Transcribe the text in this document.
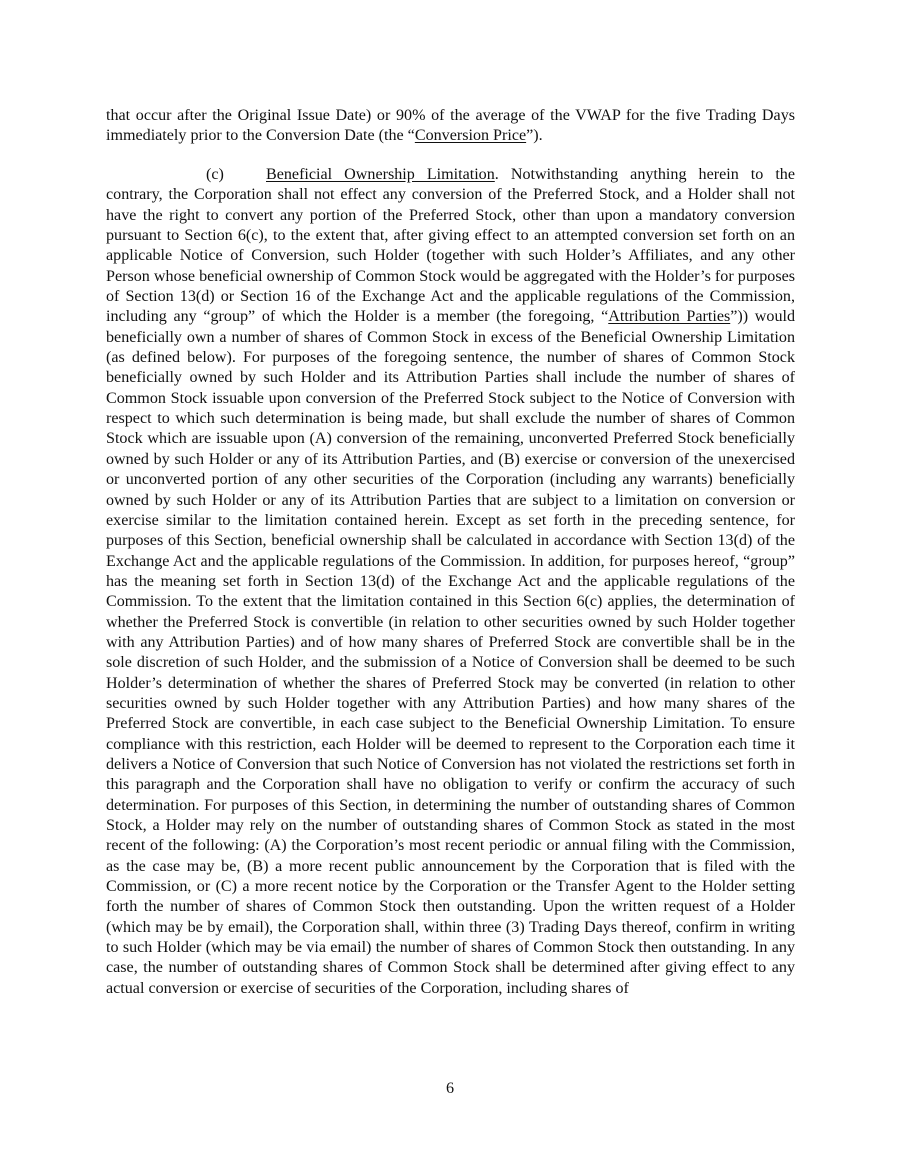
that occur after the Original Issue Date) or 90% of the average of the VWAP for the five Trading Days immediately prior to the Conversion Date (the “Conversion Price”).

(c)	Beneficial Ownership Limitation. Notwithstanding anything herein to the contrary, the Corporation shall not effect any conversion of the Preferred Stock, and a Holder shall not have the right to convert any portion of the Preferred Stock, other than upon a mandatory conversion pursuant to Section 6(c), to the extent that, after giving effect to an attempted conversion set forth on an applicable Notice of Conversion, such Holder (together with such Holder’s Affiliates, and any other Person whose beneficial ownership of Common Stock would be aggregated with the Holder’s for purposes of Section 13(d) or Section 16 of the Exchange Act and the applicable regulations of the Commission, including any “group” of which the Holder is a member (the foregoing, “Attribution Parties”)) would beneficially own a number of shares of Common Stock in excess of the Beneficial Ownership Limitation (as defined below). For purposes of the foregoing sentence, the number of shares of Common Stock beneficially owned by such Holder and its Attribution Parties shall include the number of shares of Common Stock issuable upon conversion of the Preferred Stock subject to the Notice of Conversion with respect to which such determination is being made, but shall exclude the number of shares of Common Stock which are issuable upon (A) conversion of the remaining, unconverted Preferred Stock beneficially owned by such Holder or any of its Attribution Parties, and (B) exercise or conversion of the unexercised or unconverted portion of any other securities of the Corporation (including any warrants) beneficially owned by such Holder or any of its Attribution Parties that are subject to a limitation on conversion or exercise similar to the limitation contained herein. Except as set forth in the preceding sentence, for purposes of this Section, beneficial ownership shall be calculated in accordance with Section 13(d) of the Exchange Act and the applicable regulations of the Commission. In addition, for purposes hereof, “group” has the meaning set forth in Section 13(d) of the Exchange Act and the applicable regulations of the Commission. To the extent that the limitation contained in this Section 6(c) applies, the determination of whether the Preferred Stock is convertible (in relation to other securities owned by such Holder together with any Attribution Parties) and of how many shares of Preferred Stock are convertible shall be in the sole discretion of such Holder, and the submission of a Notice of Conversion shall be deemed to be such Holder’s determination of whether the shares of Preferred Stock may be converted (in relation to other securities owned by such Holder together with any Attribution Parties) and how many shares of the Preferred Stock are convertible, in each case subject to the Beneficial Ownership Limitation. To ensure compliance with this restriction, each Holder will be deemed to represent to the Corporation each time it delivers a Notice of Conversion that such Notice of Conversion has not violated the restrictions set forth in this paragraph and the Corporation shall have no obligation to verify or confirm the accuracy of such determination. For purposes of this Section, in determining the number of outstanding shares of Common Stock, a Holder may rely on the number of outstanding shares of Common Stock as stated in the most recent of the following: (A) the Corporation’s most recent periodic or annual filing with the Commission, as the case may be, (B) a more recent public announcement by the Corporation that is filed with the Commission, or (C) a more recent notice by the Corporation or the Transfer Agent to the Holder setting forth the number of shares of Common Stock then outstanding. Upon the written request of a Holder (which may be by email), the Corporation shall, within three (3) Trading Days thereof, confirm in writing to such Holder (which may be via email) the number of shares of Common Stock then outstanding. In any case, the number of outstanding shares of Common Stock shall be determined after giving effect to any actual conversion or exercise of securities of the Corporation, including shares of

6
